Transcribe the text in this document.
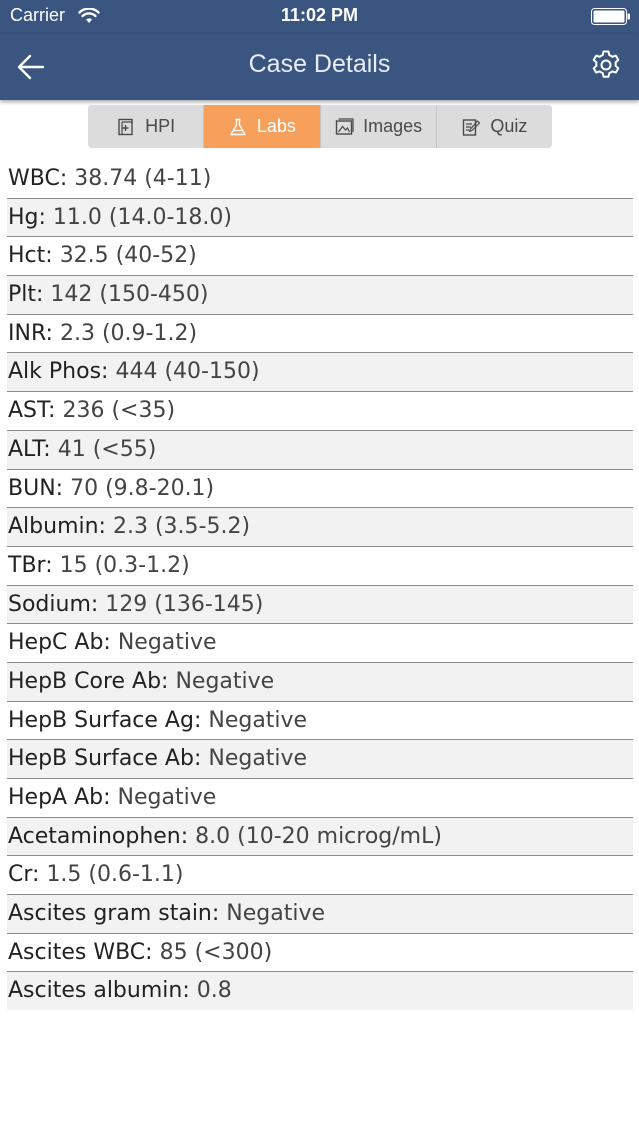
Carrier	11:02 PM
Case Details
HPI	Labs	Images	Quiz
WBC: 38.74 (4-11)
Hg: 11.0 (14.0-18.0)
Hct: 32.5 (40-52)
Plt: 142 (150-450)
INR: 2.3 (0.9-1.2)
Alk Phos: 444 (40-150)
AST: 236 (<35)
ALT: 41 (<55)
BUN: 70 (9.8-20.1)
Albumin: 2.3 (3.5-5.2)
TBr: 15 (0.3-1.2)
Sodium: 129 (136-145)
HepC Ab: Negative
HepB Core Ab: Negative
HepB Surface Ag: Negative
HepB Surface Ab: Negative
HepA Ab: Negative
Acetaminophen: 8.0 (10-20 microg/mL)
Cr: 1.5 (0.6-1.1)
Ascites gram stain: Negative
Ascites WBC: 85 (<300)
Ascites albumin: 0.8
